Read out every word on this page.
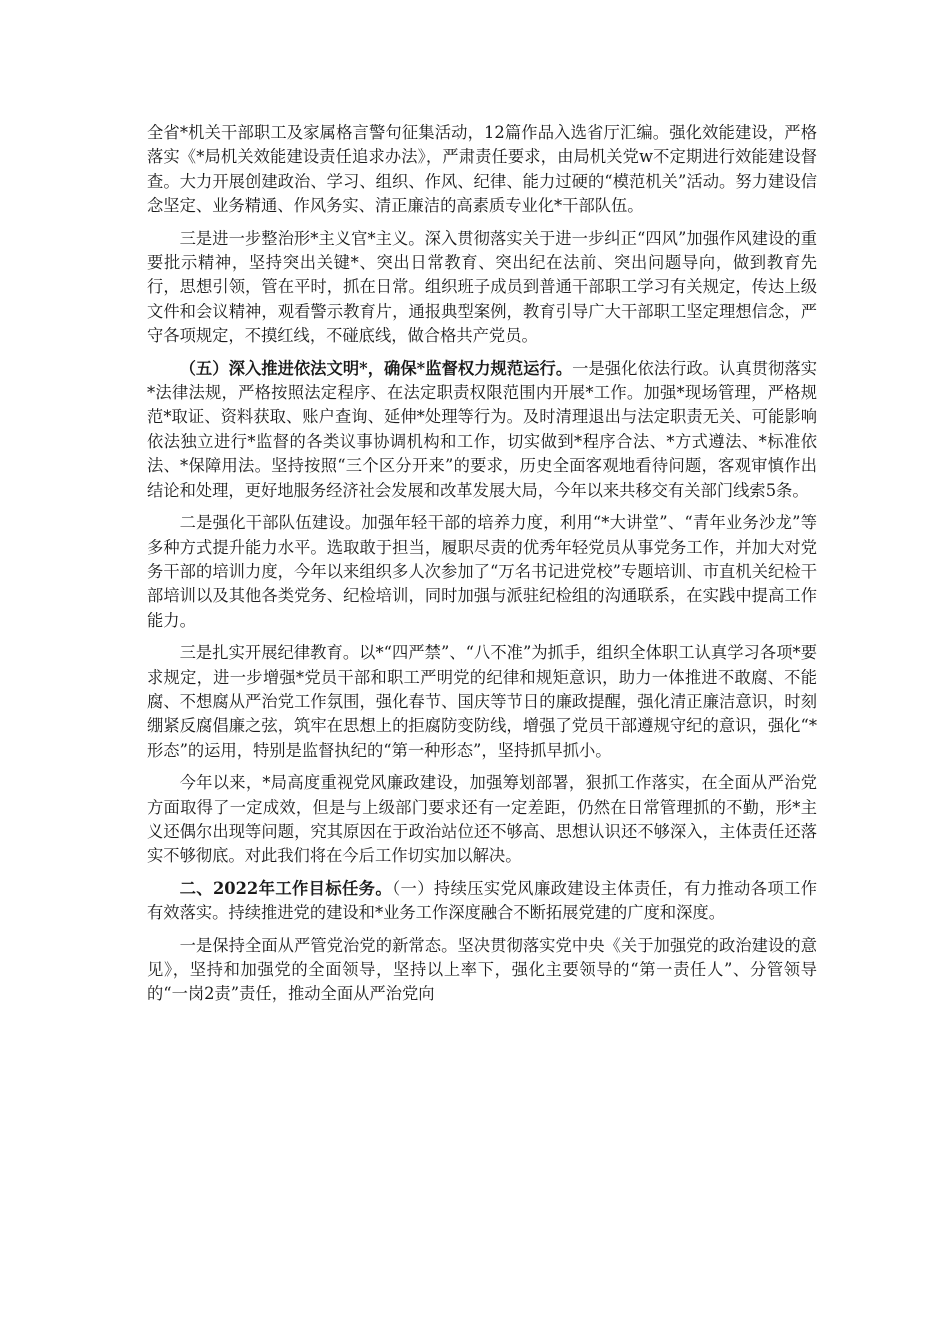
全省*机关干部职工及家属格言警句征集活动，12篇作品入选省厅汇编。强化效能建设，严格落实《*局机关效能建设责任追求办法》，严肃责任要求，由局机关党w不定期进行效能建设督查。大力开展创建政治、学习、组织、作风、纪律、能力过硬的“模范机关”活动。努力建设信念坚定、业务精通、作风务实、清正廉洁的高素质专业化*干部队伍。

三是进一步整治形*主义官*主义。深入贯彻落实关于进一步纠正“四风”加强作风建设的重要批示精神，坚持突出关键*、突出日常教育、突出纪在法前、突出问题导向，做到教育先行，思想引领，管在平时，抓在日常。组织班子成员到普通干部职工学习有关规定，传达上级文件和会议精神，观看警示教育片，通报典型案例，教育引导广大干部职工坚定理想信念，严守各项规定，不摸红线，不碰底线，做合格共产党员。

（五）深入推进依法文明*，确保*监督权力规范运行。一是强化依法行政。认真贯彻落实*法律法规，严格按照法定程序、在法定职责权限范围内开展*工作。加强*现场管理，严格规范*取证、资料获取、账户查询、延伸*处理等行为。及时清理退出与法定职责无关、可能影响依法独立进行*监督的各类议事协调机构和工作，切实做到*程序合法、*方式遵法、*标准依法、*保障用法。坚持按照“三个区分开来”的要求，历史全面客观地看待问题，客观审慎作出结论和处理，更好地服务经济社会发展和改革发展大局，今年以来共移交有关部门线索5条。

二是强化干部队伍建设。加强年轻干部的培养力度，利用“*大讲堂”、“青年业务沙龙”等多种方式提升能力水平。选取敢于担当，履职尽责的优秀年轻党员从事党务工作，并加大对党务干部的培训力度，今年以来组织多人次参加了“万名书记进党校”专题培训、市直机关纪检干部培训以及其他各类党务、纪检培训，同时加强与派驻纪检组的沟通联系，在实践中提高工作能力。

三是扎实开展纪律教育。以*“四严禁”、“八不准”为抓手，组织全体职工认真学习各项*要求规定，进一步增强*党员干部和职工严明党的纪律和规矩意识，助力一体推进不敢腐、不能腐、不想腐从严治党工作氛围，强化春节、国庆等节日的廉政提醒，强化清正廉洁意识，时刻绷紧反腐倡廉之弦，筑牢在思想上的拒腐防变防线，增强了党员干部遵规守纪的意识，强化“*形态”的运用，特别是监督执纪的“第一种形态”，坚持抓早抓小。

今年以来，*局高度重视党风廉政建设，加强筹划部署，狠抓工作落实，在全面从严治党方面取得了一定成效，但是与上级部门要求还有一定差距，仍然在日常管理抓的不勤，形*主义还偶尔出现等问题，究其原因在于政治站位还不够高、思想认识还不够深入，主体责任还落实不够彻底。对此我们将在今后工作切实加以解决。

二、2022年工作目标任务。（一）持续压实党风廉政建设主体责任，有力推动各项工作有效落实。持续推进党的建设和*业务工作深度融合不断拓展党建的广度和深度。

一是保持全面从严管党治党的新常态。坚决贯彻落实党中央《关于加强党的政治建设的意见》，坚持和加强党的全面领导，坚持以上率下，强化主要领导的“第一责任人”、分管领导的“一岗2责”责任，推动全面从严治党向
